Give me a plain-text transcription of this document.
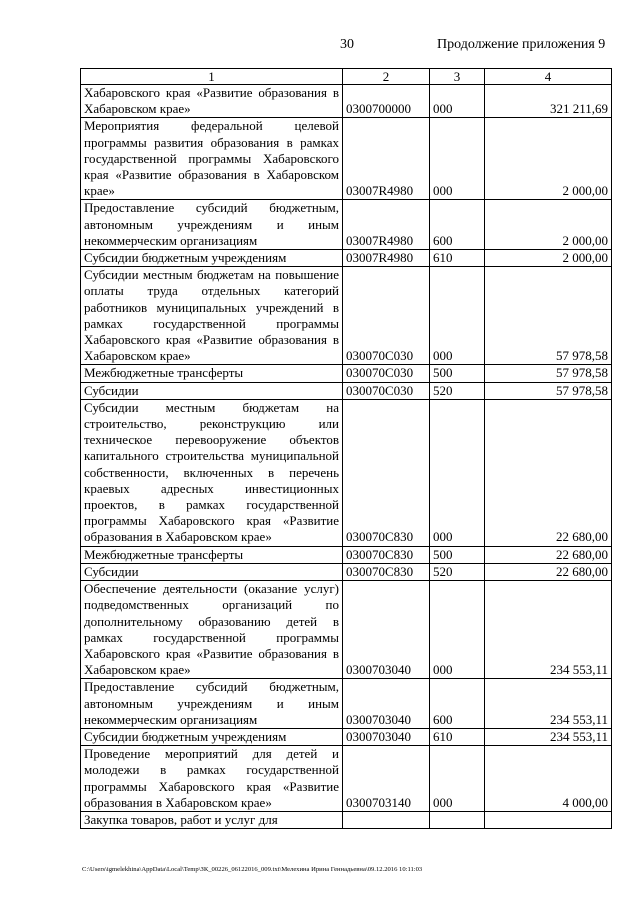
30	Продолжение приложения 9
1	2	3	4
Хабаровского края «Развитие образования в Хабаровском крае»	0300700000	000	321 211,69
Мероприятия федеральной целевой программы развития образования в рамках государственной программы Хабаровского края «Развитие образования в Хабаровском крае»	03007R4980	000	2 000,00
Предоставление субсидий бюджетным, автономным учреждениям и иным некоммерческим организациям	03007R4980	600	2 000,00
Субсидии бюджетным учреждениям	03007R4980	610	2 000,00
Субсидии местным бюджетам на повышение оплаты труда отдельных категорий работников муниципальных учреждений в рамках государственной программы Хабаровского края «Развитие образования в Хабаровском крае»	030070С030	000	57 978,58
Межбюджетные трансферты	030070С030	500	57 978,58
Субсидии	030070С030	520	57 978,58
Субсидии местным бюджетам на строительство, реконструкцию или техническое перевооружение объектов капитального строительства муниципальной собственности, включенных в перечень краевых адресных инвестиционных проектов, в рамках государственной программы Хабаровского края «Развитие образования в Хабаровском крае»	030070С830	000	22 680,00
Межбюджетные трансферты	030070С830	500	22 680,00
Субсидии	030070С830	520	22 680,00
Обеспечение деятельности (оказание услуг) подведомственных организаций по дополнительному образованию детей в рамках государственной программы Хабаровского края «Развитие образования в Хабаровском крае»	0300703040	000	234 553,11
Предоставление субсидий бюджетным, автономным учреждениям и иным некоммерческим организациям	0300703040	600	234 553,11
Субсидии бюджетным учреждениям	0300703040	610	234 553,11
Проведение мероприятий для детей и молодежи в рамках государственной программы Хабаровского края «Развитие образования в Хабаровском крае»	0300703140	000	4 000,00
Закупка товаров, работ и услуг для			
C:\Users\igmelekhina\AppData\Local\Temp\ЗК_00226_06122016_009.txt\Мелехина Ирина Геннадьевна\09.12.2016 10:11:03
